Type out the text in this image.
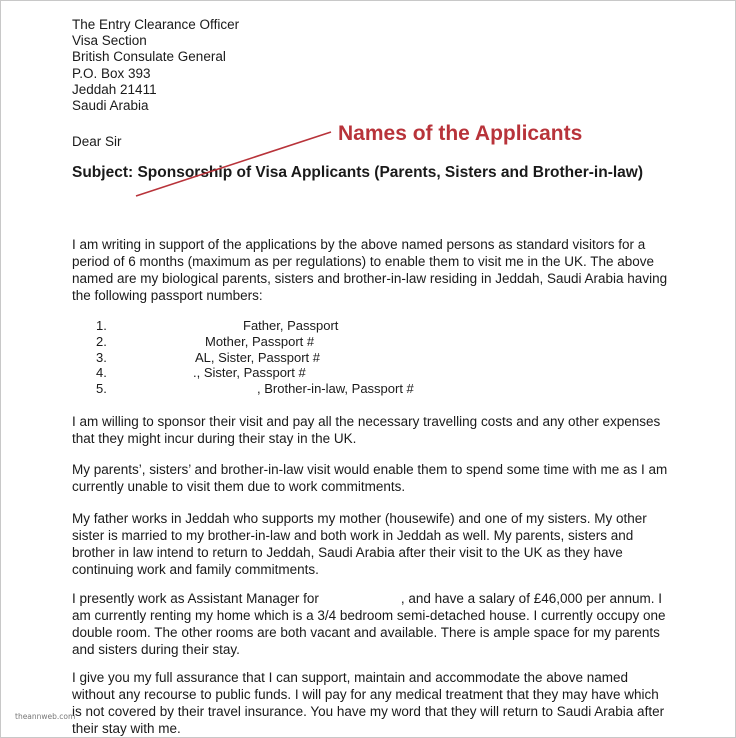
The Entry Clearance Officer
Visa Section
British Consulate General
P.O. Box 393
Jeddah 21411
Saudi Arabia
Dear Sir
Subject: Sponsorship of Visa Applicants (Parents, Sisters and Brother-in-law)
Names of the Applicants
I am writing in support of the applications by the above named persons as standard visitors for a period of 6 months (maximum as per regulations) to enable them to visit me in the UK. The above named are my biological parents, sisters and brother-in-law residing in Jeddah, Saudi Arabia having the following passport numbers:
1.	Father, Passport
2.	Mother, Passport #
3.	AL, Sister, Passport #
4.	., Sister, Passport #
5.	, Brother-in-law, Passport #
I am willing to sponsor their visit and pay all the necessary travelling costs and any other expenses that they might incur during their stay in the UK.
My parents’, sisters’ and brother-in-law visit would enable them to spend some time with me as I am currently unable to visit them due to work commitments.
My father works in Jeddah who supports my mother (housewife) and one of my sisters. My other sister is married to my brother-in-law and both work in Jeddah as well. My parents, sisters and brother in law intend to return to Jeddah, Saudi Arabia after their visit to the UK as they have continuing work and family commitments.
I presently work as Assistant Manager for	, and have a salary of £46,000 per annum. I am currently renting my home which is a 3/4 bedroom semi-detached house. I currently occupy one double room. The other rooms are both vacant and available. There is ample space for my parents and sisters during their stay.
I give you my full assurance that I can support, maintain and accommodate the above named without any recourse to public funds. I will pay for any medical treatment that they may have which is not covered by their travel insurance. You have my word that they will return to Saudi Arabia after their stay with me.
theannweb.com
